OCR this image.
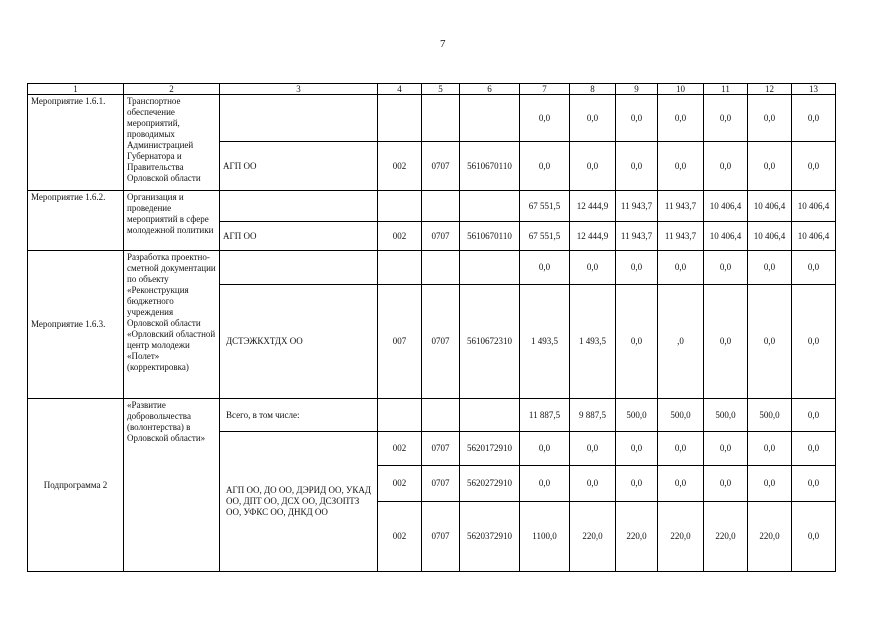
7
1	2	3	4	5	6	7	8	9	10	11	12	13
Мероприятие 1.6.1.	Транспортное обеспечение мероприятий, проводимых Администрацией Губернатора и Правительства Орловской области					0,0	0,0	0,0	0,0	0,0	0,0	0,0
		АГП ОО	002	0707	5610670110	0,0	0,0	0,0	0,0	0,0	0,0	0,0
Мероприятие 1.6.2.	Организация и проведение мероприятий в сфере молодежной политики					67 551,5	12 444,9	11 943,7	11 943,7	10 406,4	10 406,4	10 406,4
		АГП ОО	002	0707	5610670110	67 551,5	12 444,9	11 943,7	11 943,7	10 406,4	10 406,4	10 406,4
Мероприятие 1.6.3.	Разработка проектно-сметной документации по объекту «Реконструкция бюджетного учреждения Орловской области «Орловский областной центр молодежи «Полет» (корректировка)					0,0	0,0	0,0	0,0	0,0	0,0	0,0
		ДСТЭЖКХТДХ ОО	007	0707	5610672310	1 493,5	1 493,5	0,0	,0	0,0	0,0	0,0
Подпрограмма 2	«Развитие добровольчества (волонтерства) в Орловской области»	Всего, в том числе:				11 887,5	9 887,5	500,0	500,0	500,0	500,0	0,0
		АГП ОО, ДО ОО, ДЭРИД ОО, УКАД ОО, ДПТ ОО, ДСХ ОО, ДСЗОПТЗ ОО, УФКС ОО, ДНКД ОО	002	0707	5620172910	0,0	0,0	0,0	0,0	0,0	0,0	0,0
			002	0707	5620272910	0,0	0,0	0,0	0,0	0,0	0,0	0,0
			002	0707	5620372910	1100,0	220,0	220,0	220,0	220,0	220,0	0,0
